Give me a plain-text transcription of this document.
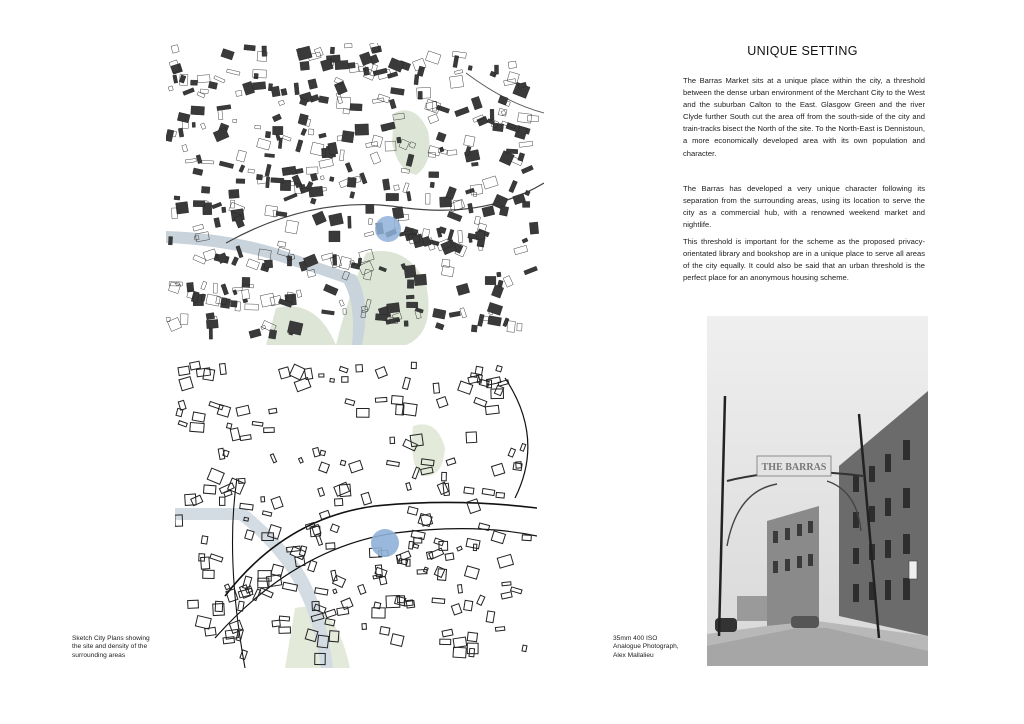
UNIQUE SETTING

The Barras Market sits at a unique place within the city, a threshold between the dense urban environment of the Merchant City to the West and the suburban Calton to the East. Glasgow Green and the river Clyde further South cut the area off from the south-side of the city and train-tracks bisect the North of the site. To the North-East is Dennistoun, a more economically developed area with its own population and character.

The Barras has developed a very unique character following its separation from the surrounding areas, using its location to serve the city as a commercial hub, with a renowned weekend market and nightlife.

This threshold is important for the scheme as the proposed privacy-orientated library and bookshop are in a unique place to serve all areas of the city equally. It could also be said that an urban threshold is the perfect place for an anonymous housing scheme.

THE BARRAS
Sketch City Plans showing
the site and density of the
surrounding areas
35mm 400 ISO
Analogue Photograph,
Alex Mallalieu
